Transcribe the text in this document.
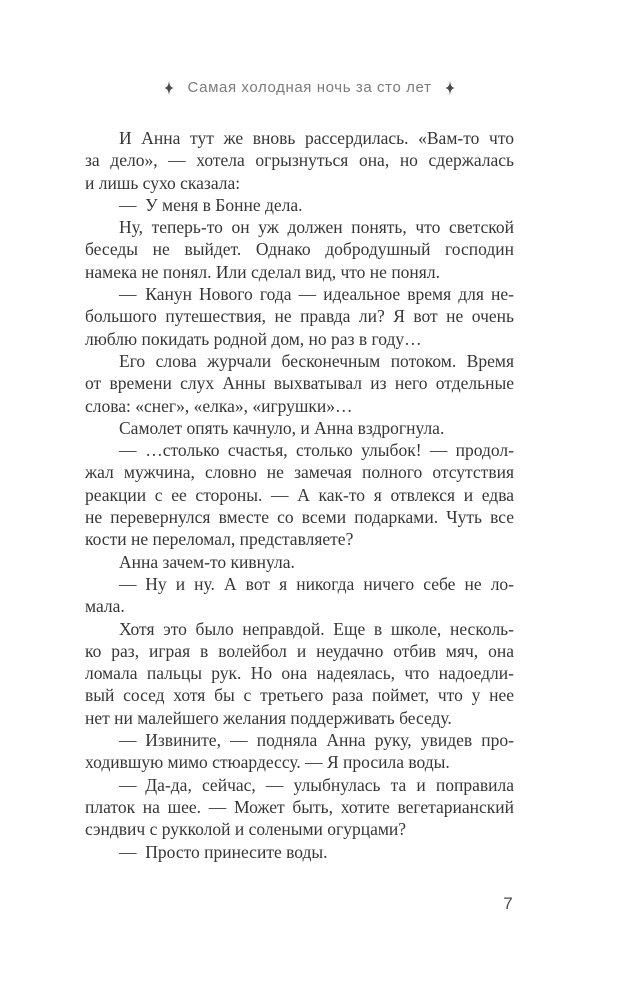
Самая холодная ночь за сто лет
И Анна тут же вновь рассердилась. «Вам-то что
за дело», — хотела огрызнуться она, но сдержалась
и лишь сухо сказала:
— У меня в Бонне дела.
Ну, теперь-то он уж должен понять, что светской
беседы не выйдет. Однако добродушный господин
намека не понял. Или сделал вид, что не понял.
— Канун Нового года — идеальное время для не-
большого путешествия, не правда ли? Я вот не очень
люблю покидать родной дом, но раз в году…
Его слова журчали бесконечным потоком. Время
от времени слух Анны выхватывал из него отдельные
слова: «снег», «елка», «игрушки»…
Самолет опять качнуло, и Анна вздрогнула.
— …столько счастья, столько улыбок! — продол-
жал мужчина, словно не замечая полного отсутствия
реакции с ее стороны. — А как-то я отвлекся и едва
не перевернулся вместе со всеми подарками. Чуть все
кости не переломал, представляете?
Анна зачем-то кивнула.
— Ну и ну. А вот я никогда ничего себе не ло-
мала.
Хотя это было неправдой. Еще в школе, несколь-
ко раз, играя в волейбол и неудачно отбив мяч, она
ломала пальцы рук. Но она надеялась, что надоедли-
вый сосед хотя бы с третьего раза поймет, что у нее
нет ни малейшего желания поддерживать беседу.
— Извините, — подняла Анна руку, увидев про-
ходившую мимо стюардессу. — Я просила воды.
— Да-да, сейчас, — улыбнулась та и поправила
платок на шее. — Может быть, хотите вегетарианский
сэндвич с рукколой и солеными огурцами?
— Просто принесите воды.
7
